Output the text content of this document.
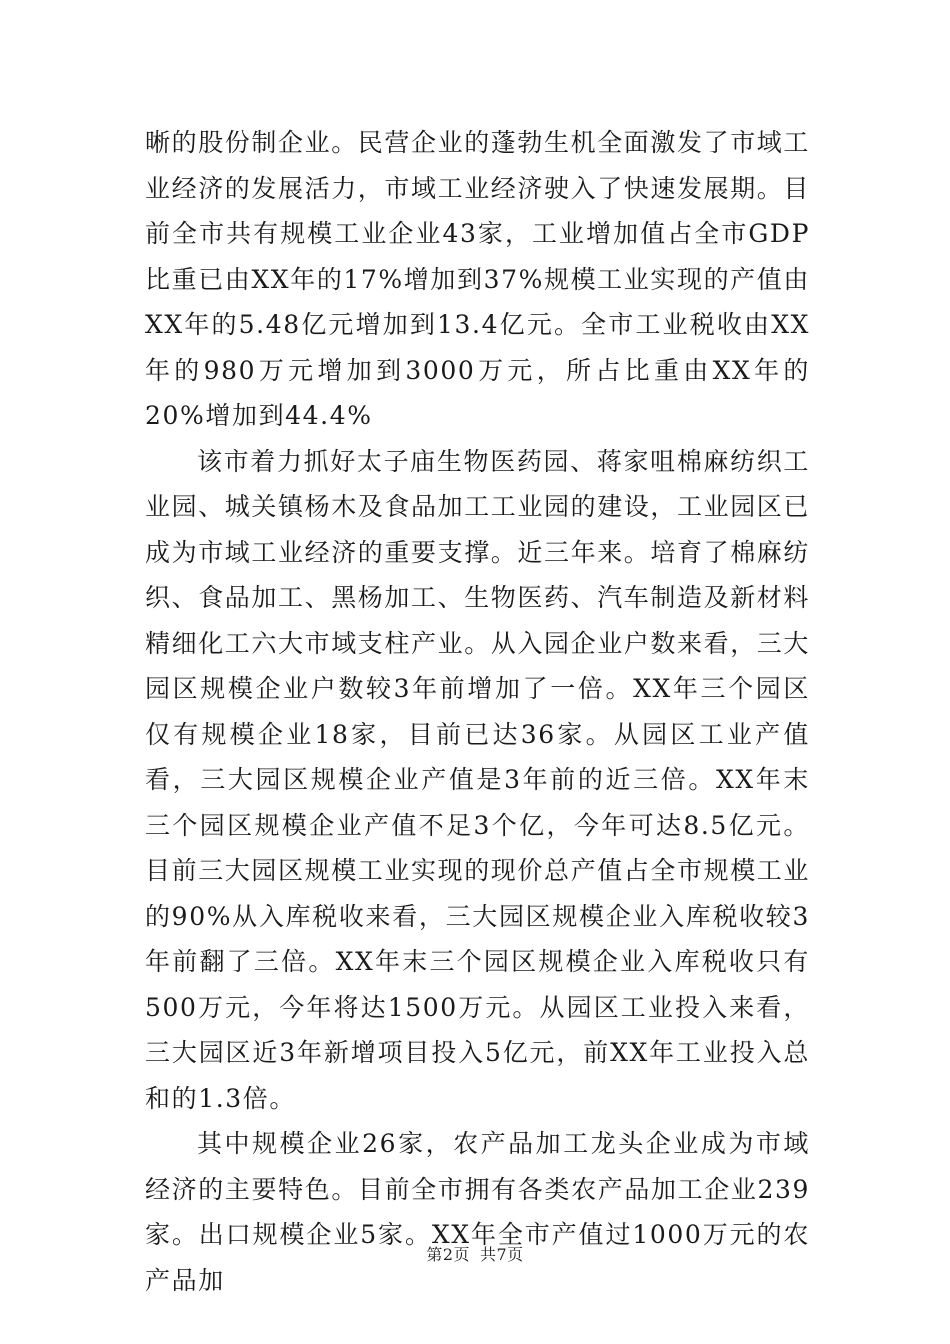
晰的股份制企业。民营企业的蓬勃生机全面激发了市域工业经济的发展活力，市域工业经济驶入了快速发展期。目前全市共有规模工业企业43家，工业增加值占全市GDP比重已由XX年的17%增加到37%规模工业实现的产值由XX年的5.48亿元增加到13.4亿元。全市工业税收由XX年的980万元增加到3000万元，所占比重由XX年的20%增加到44.4%

该市着力抓好太子庙生物医药园、蒋家咀棉麻纺织工业园、城关镇杨木及食品加工工业园的建设，工业园区已成为市域工业经济的重要支撑。近三年来。培育了棉麻纺织、食品加工、黑杨加工、生物医药、汽车制造及新材料精细化工六大市域支柱产业。从入园企业户数来看，三大园区规模企业户数较3年前增加了一倍。XX年三个园区仅有规模企业18家，目前已达36家。从园区工业产值看，三大园区规模企业产值是3年前的近三倍。XX年末三个园区规模企业产值不足3个亿，今年可达8.5亿元。目前三大园区规模工业实现的现价总产值占全市规模工业的90%从入库税收来看，三大园区规模企业入库税收较3年前翻了三倍。XX年末三个园区规模企业入库税收只有500万元，今年将达1500万元。从园区工业投入来看，三大园区近3年新增项目投入5亿元，前XX年工业投入总和的1.3倍。

其中规模企业26家，农产品加工龙头企业成为市域经济的主要特色。目前全市拥有各类农产品加工企业239家。出口规模企业5家。XX年全市产值过1000万元的农产品加

第2页 共7页
